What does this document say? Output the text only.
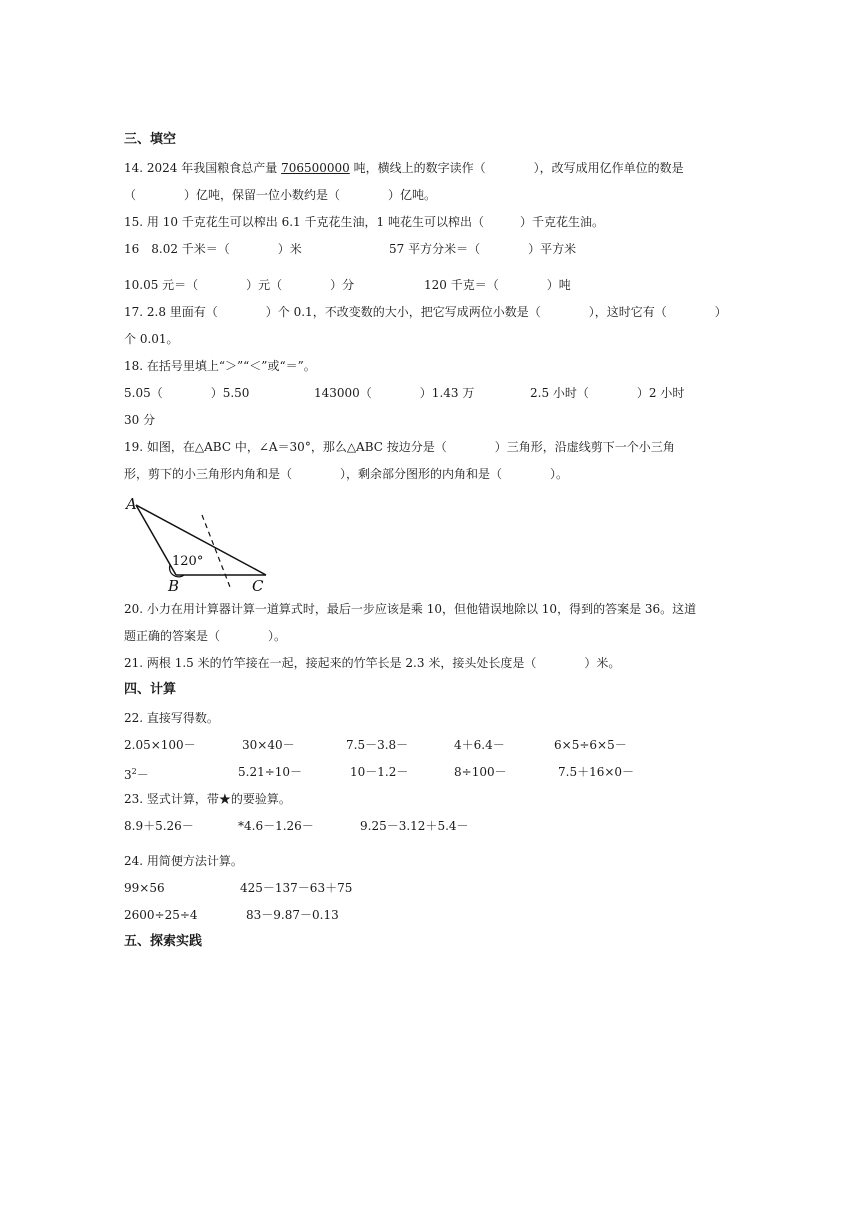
三、填空
14. 2024 年我国粮食总产量 706500000 吨，横线上的数字读作（　　　　），改写成用亿作单位的数是
（　　　　）亿吨，保留一位小数约是（　　　　）亿吨。
15. 用 10 千克花生可以榨出 6.1 千克花生油，1 吨花生可以榨出（　　　）千克花生油。
16　8.02 千米＝（　　　　）米	57 平方分米＝（　　　　）平方米
10.05 元＝（　　　　）元（　　　　）分	120 千克＝（　　　　）吨
17. 2.8 里面有（　　　　）个 0.1，不改变数的大小，把它写成两位小数是（　　　　），这时它有（　　　　）
个 0.01。
18. 在括号里填上“＞”“＜”或“＝”。
5.05（　　　　）5.50	143000（　　　　）1.43 万	2.5 小时（　　　　）2 小时
30 分
19. 如图，在△ABC 中，∠A＝30°，那么△ABC 按边分是（　　　　）三角形，沿虚线剪下一个小三角
形，剪下的小三角形内角和是（　　　　），剩余部分图形的内角和是（　　　　）。
A
B	C
120°
20. 小力在用计算器计算一道算式时，最后一步应该是乘 10，但他错误地除以 10，得到的答案是 36。这道
题正确的答案是（　　　　）。
21. 两根 1.5 米的竹竿接在一起，接起来的竹竿长是 2.3 米，接头处长度是（　　　　）米。
四、计算
22. 直接写得数。
2.05×100－	30×40－	7.5－3.8－	4＋6.4－	6×5÷6×5－
$3^2-$	5.21÷10－	10－1.2－	8÷100－	7.5＋16×0－
23. 竖式计算，带★的要验算。
8.9＋5.26－	*4.6－1.26－	9.25－3.12＋5.4－
24. 用简便方法计算。
99×56	425－137－63＋75
2600÷25÷4	83－9.87－0.13
五、探索实践
